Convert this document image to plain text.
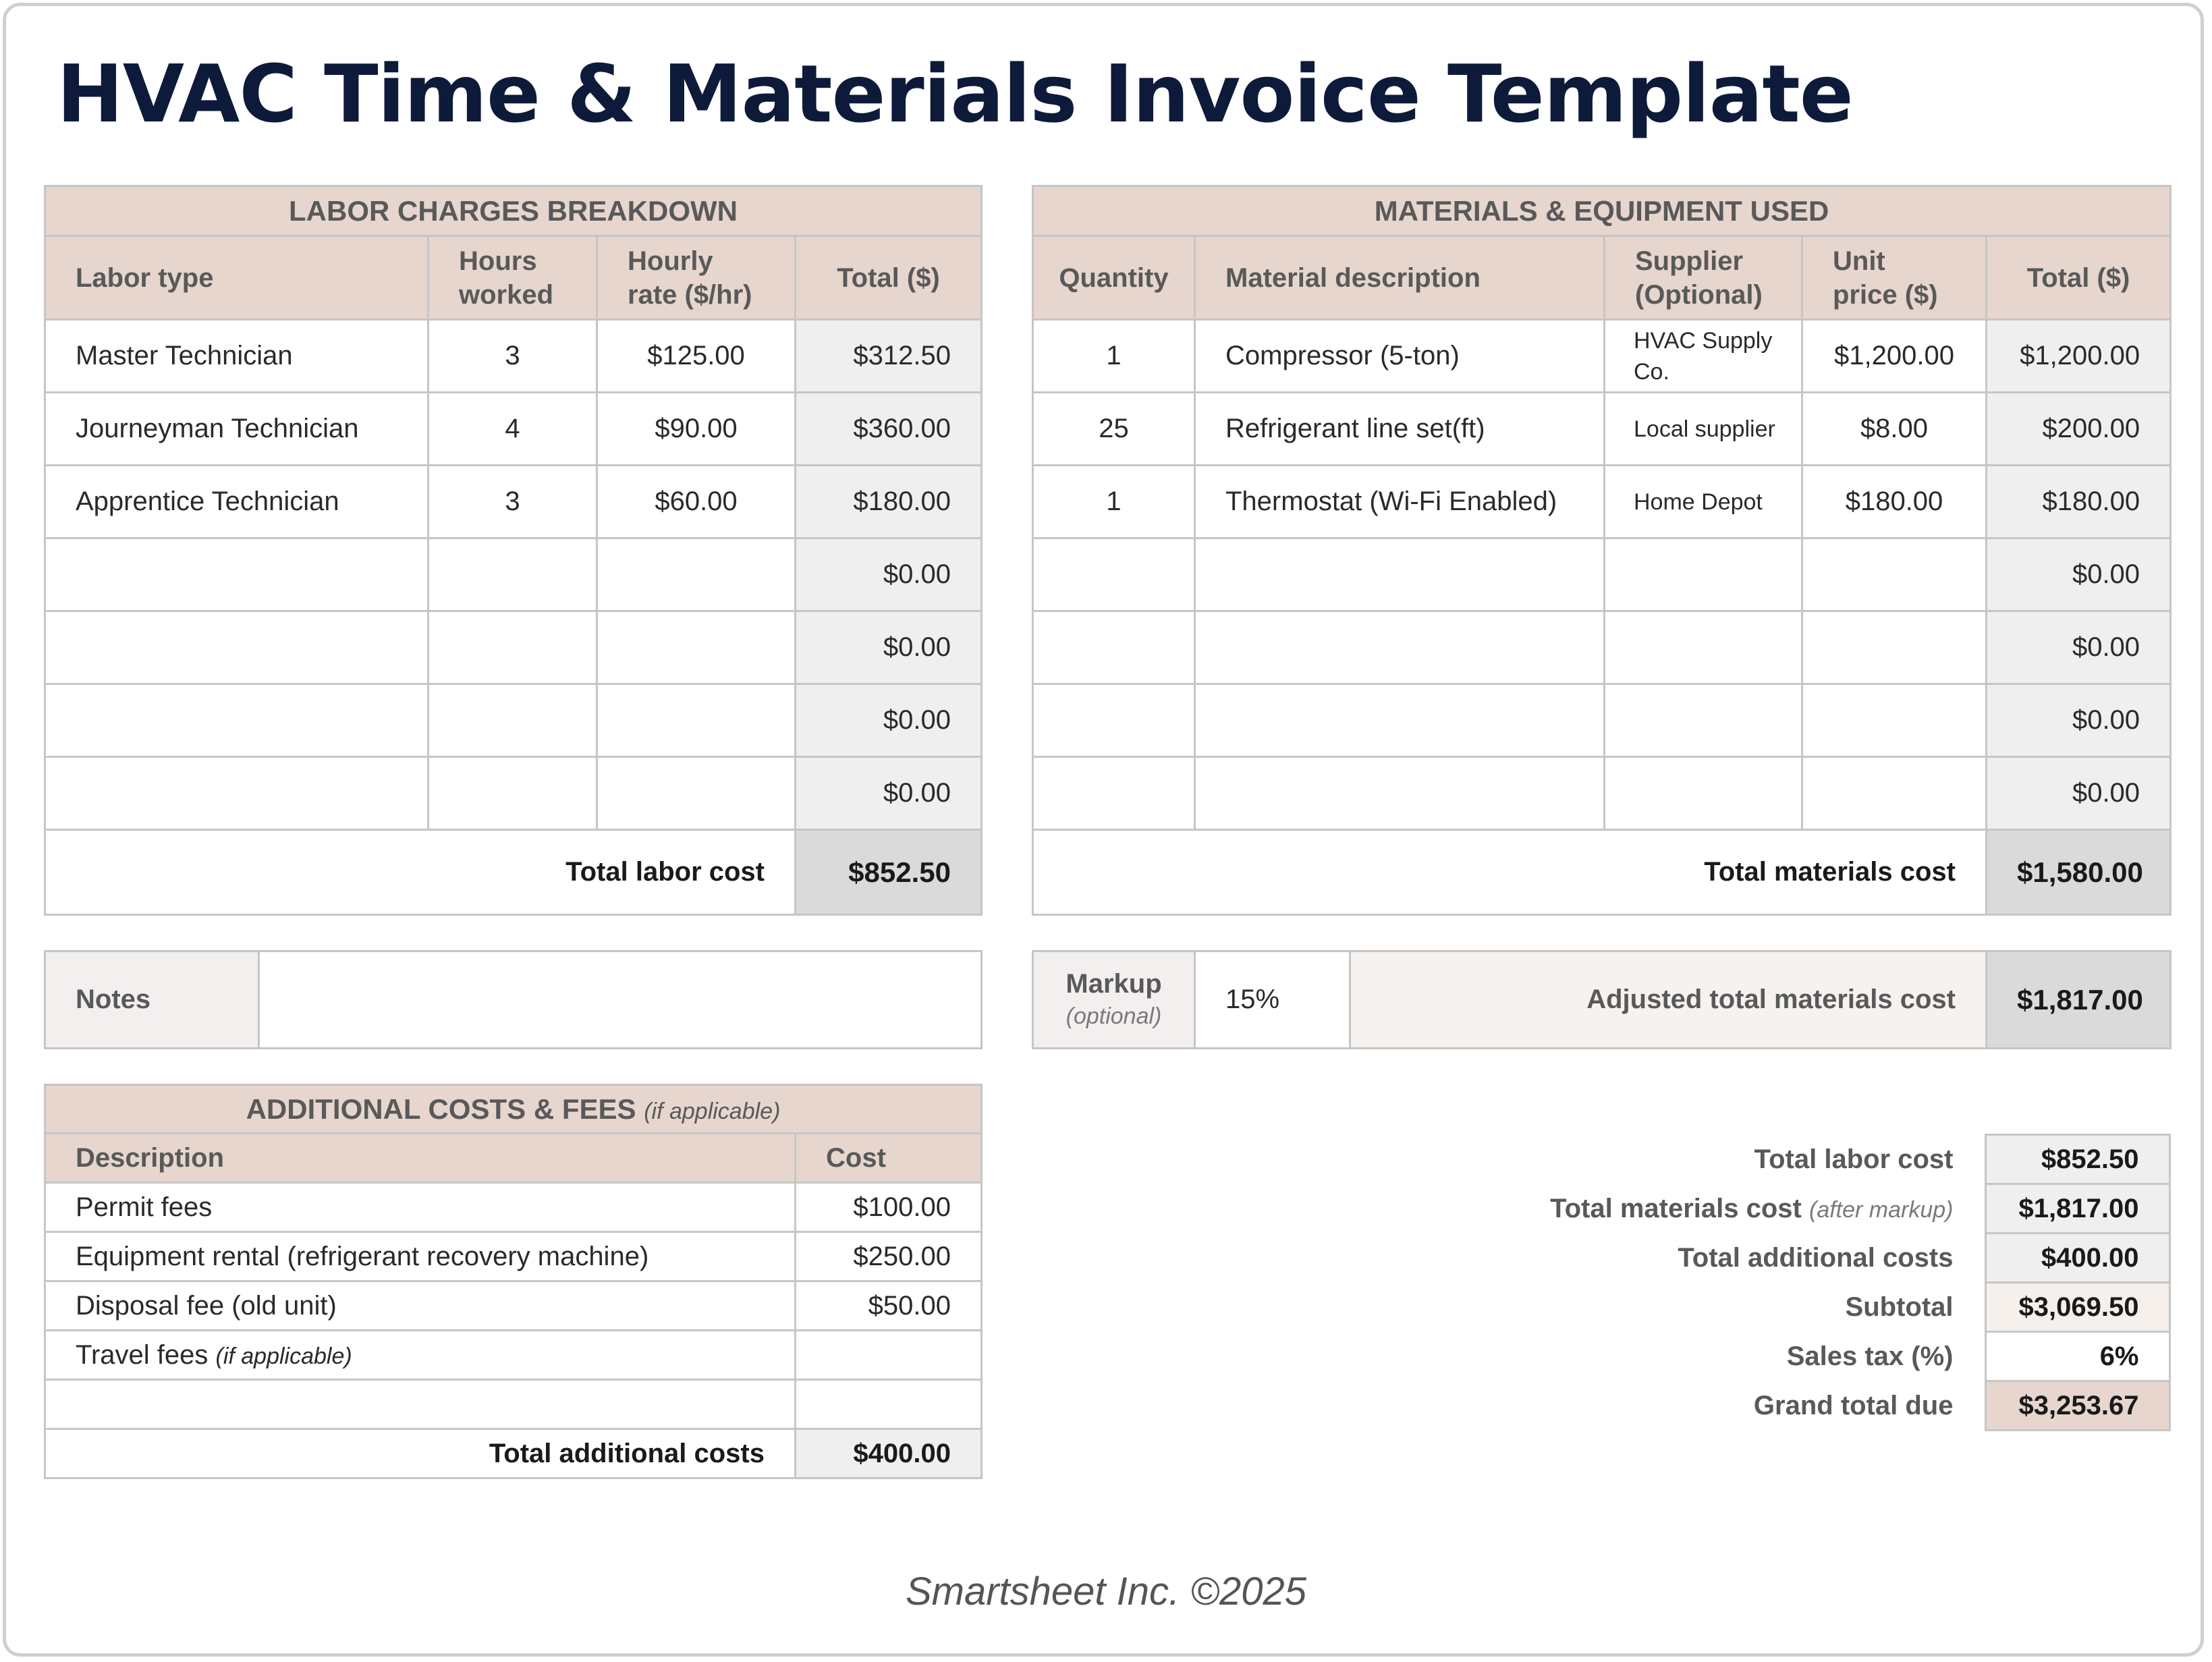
HVAC Time & Materials Invoice Template
LABOR CHARGES BREAKDOWN			
Labor type	Hours worked	Hourly rate ($/hr)	Total ($)
Master Technician	3	$125.00	$312.50
Journeyman Technician	4	$90.00	$360.00
Apprentice Technician	3	$60.00	$180.00
			$0.00
			$0.00
			$0.00
			$0.00
Total labor cost			$852.50
MATERIALS & EQUIPMENT USED				
Quantity	Material description	Supplier (Optional)	Unit price ($)	Total ($)
1	Compressor (5-ton)	HVAC Supply Co.	$1,200.00	$1,200.00
25	Refrigerant line set(ft)	Local supplier	$8.00	$200.00
1	Thermostat (Wi-Fi Enabled)	Home Depot	$180.00	$180.00
				$0.00
				$0.00
				$0.00
				$0.00
Total materials cost				$1,580.00
Notes	
Markup
(optional)
	15%	Adjusted total materials cost	$1,817.00
ADDITIONAL COSTS & FEES (if applicable)	
Description	Cost
Permit fees	$100.00
Equipment rental (refrigerant recovery machine)	$250.00
Disposal fee (old unit)	$50.00
Travel fees (if applicable)	

Total additional costs	$400.00
Total labor cost	$852.50
Total materials cost (after markup)	$1,817.00
Total additional costs	$400.00
Subtotal	$3,069.50
Sales tax (%)	6%
Grand total due	$3,253.67
Smartsheet Inc. ©2025
